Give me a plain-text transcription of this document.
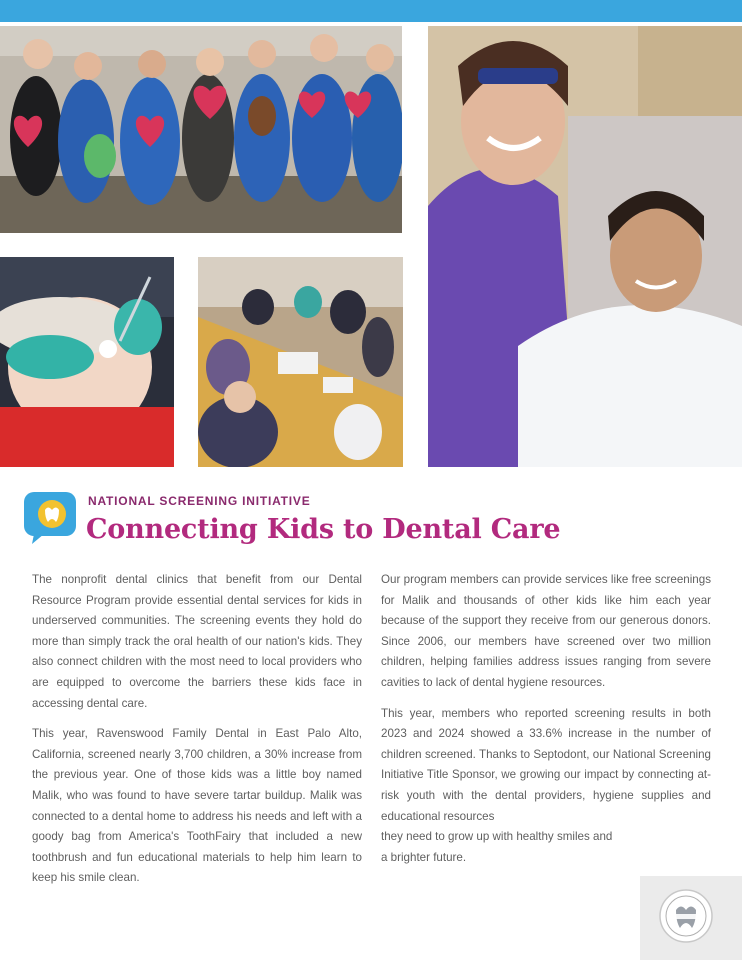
NATIONAL SCREENING INITIATIVE
Connecting Kids to Dental Care

The nonprofit dental clinics that benefit from our Dental Resource Program provide essential dental services for kids in underserved communities. The screening events they hold do more than simply track the oral health of our nation's kids. They also connect children with the most need to local providers who are equipped to overcome the barriers these kids face in accessing dental care.

This year, Ravenswood Family Dental in East Palo Alto, California, screened nearly 3,700 children, a 30% increase from the previous year. One of those kids was a little boy named Malik, who was found to have severe tartar buildup. Malik was connected to a dental home to address his needs and left with a goody bag from America's ToothFairy that included a new toothbrush and fun educational materials to help him learn to keep his smile clean.

Our program members can provide services like free screenings for Malik and thousands of other kids like him each year because of the support they receive from our generous donors. Since 2006, our members have screened over two million children, helping families address issues ranging from severe cavities to lack of dental hygiene resources.

This year, members who reported screening results in both 2023 and 2024 showed a 33.6% increase in the number of children screened. Thanks to Septodont, our National Screening Initiative Title Sponsor, we growing our impact by connecting at-risk youth with the dental providers, hygiene supplies and educational resources

they need to grow up with healthy smiles and a brighter future.
